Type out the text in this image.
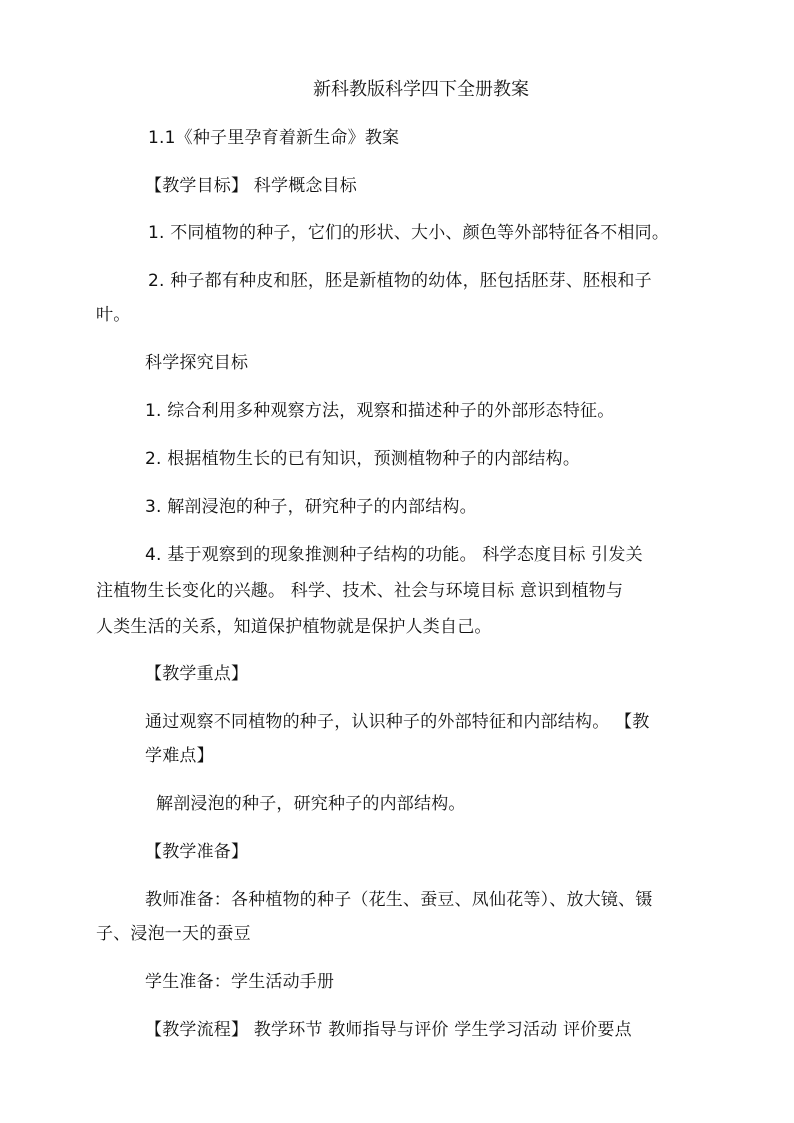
新科教版科学四下全册教案
1.1《种子里孕育着新生命》教案
【教学目标】 科学概念目标
1. 不同植物的种子，它们的形状、大小、颜色等外部特征各不相同。
2. 种子都有种皮和胚，胚是新植物的幼体，胚包括胚芽、胚根和子
叶。
科学探究目标
1. 综合利用多种观察方法，观察和描述种子的外部形态特征。
2. 根据植物生长的已有知识，预测植物种子的内部结构。
3. 解剖浸泡的种子，研究种子的内部结构。
4. 基于观察到的现象推测种子结构的功能。 科学态度目标 引发关
注植物生长变化的兴趣。 科学、技术、社会与环境目标 意识到植物与
人类生活的关系，知道保护植物就是保护人类自己。
【教学重点】
通过观察不同植物的种子，认识种子的外部特征和内部结构。 【教
学难点】
解剖浸泡的种子，研究种子的内部结构。
【教学准备】
教师准备：各种植物的种子（花生、蚕豆、凤仙花等）、放大镜、镊
子、浸泡一天的蚕豆
学生准备：学生活动手册
【教学流程】 教学环节 教师指导与评价 学生学习活动 评价要点
